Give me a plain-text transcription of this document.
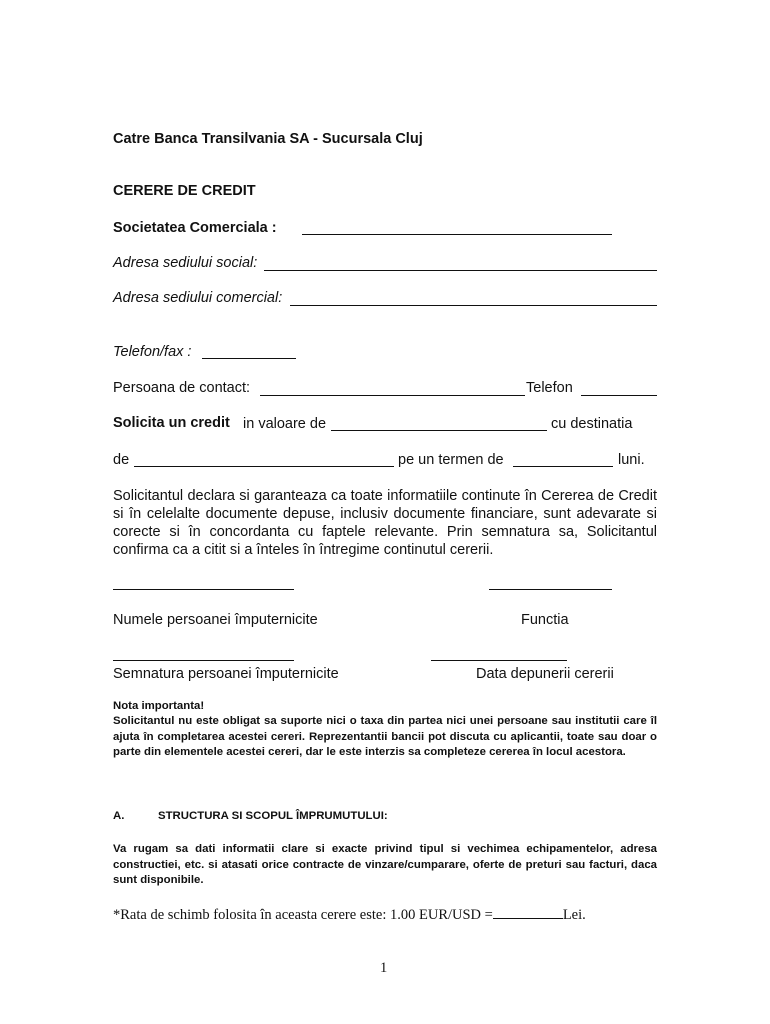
Catre Banca Transilvania SA - Sucursala Cluj
CERERE DE CREDIT
Societatea Comerciala :
Adresa sediului social:
Adresa sediului comercial:
Telefon/fax :
Persoana de contact:	Telefon
Solicita un credit in valoare de	cu destinatia
de	pe un termen de	luni.
Solicitantul declara si garanteaza ca toate informatiile continute în Cererea de Credit si în celelalte documente depuse, inclusiv documente financiare, sunt adevarate si corecte si în concordanta cu faptele relevante. Prin semnatura sa, Solicitantul confirma ca a citit si a înteles în întregime continutul cererii.
Numele persoanei împuternicite	Functia
Semnatura persoanei împuternicite	Data depunerii cererii
Nota importanta!
Solicitantul nu este obligat sa suporte nici o taxa din partea nici unei persoane sau institutii care îl ajuta în completarea acestei cereri. Reprezentantii bancii pot discuta cu aplicantii, toate sau doar o parte din elementele acestei cereri, dar le este interzis sa completeze cererea în locul acestora.
A.	STRUCTURA SI SCOPUL ÎMPRUMUTULUI:
Va rugam sa dati informatii clare si exacte privind tipul si vechimea echipamentelor, adresa constructiei, etc. si atasati orice contracte de vinzare/cumparare, oferte de preturi sau facturi, daca sunt disponibile.
*Rata de schimb folosita în aceasta cerere este: 1.00 EUR/USD =	Lei.
1
